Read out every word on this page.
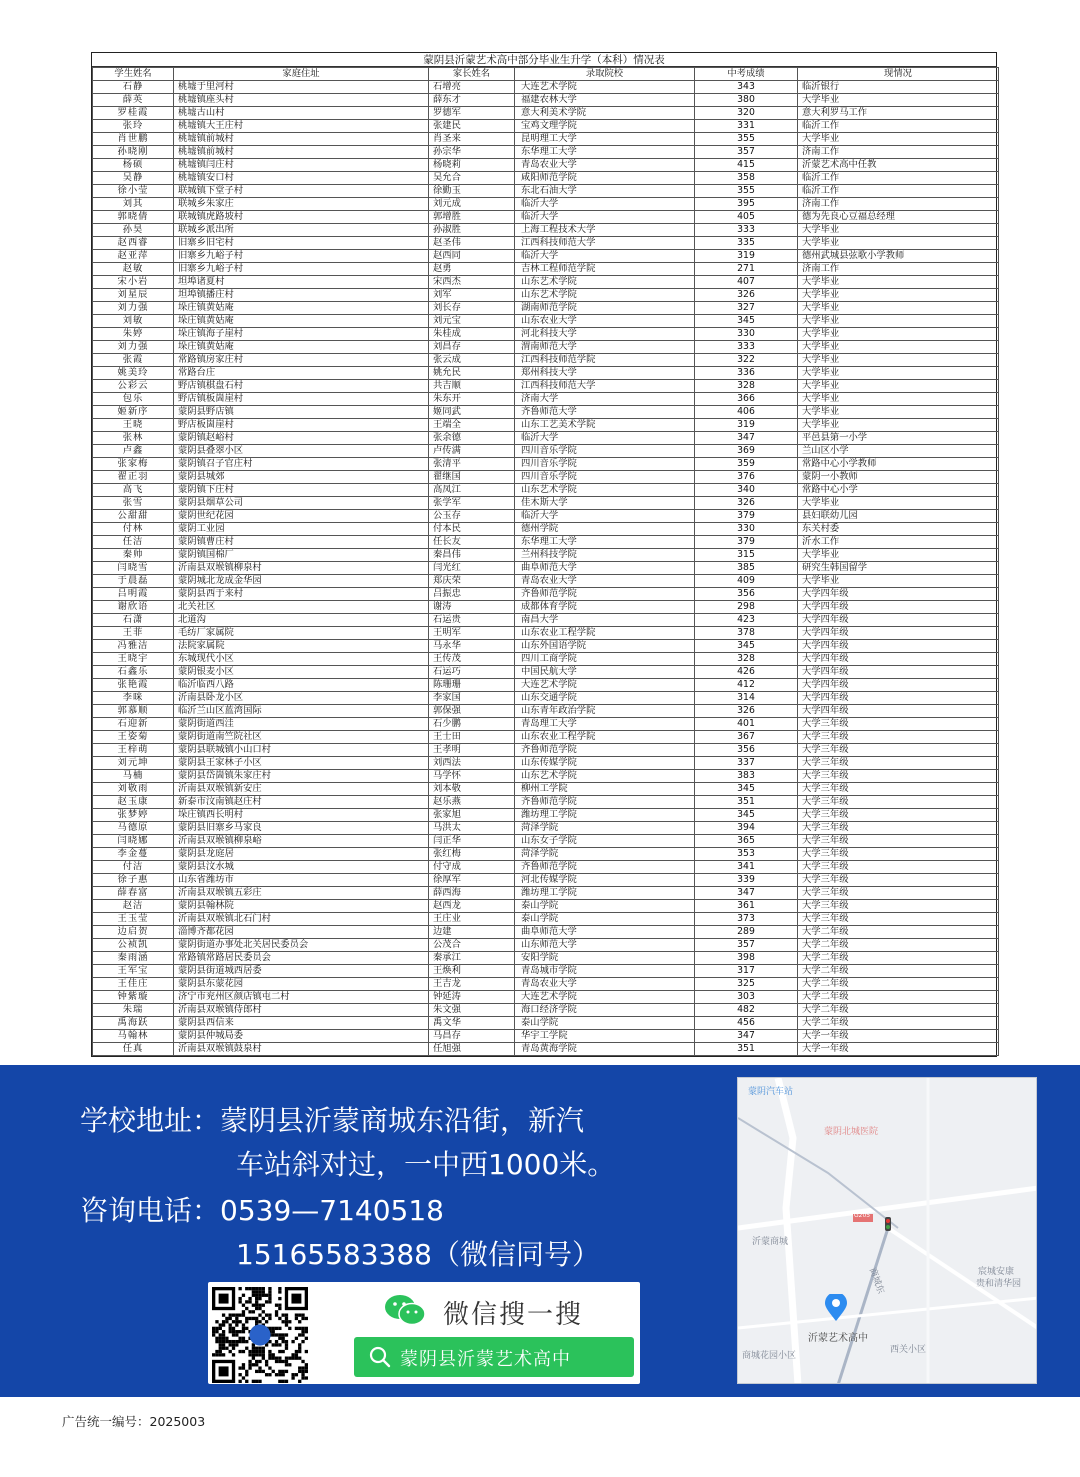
蒙阴县沂蒙艺术高中部分毕业生升学（本科）情况表
学生姓名	家庭住址	家长姓名	录取院校	中考成绩	现情况
石静	桃墟于里河村	石增亮	大连艺术学院	343	临沂银行
薛英	桃墟镇座头村	薛东才	福建农林大学	380	大学毕业
罗桂霞	桃墟古山村	罗德军	意大利美术学院	320	意大利罗马工作
张玲	桃墟镇大王庄村	张建民	宝鸡文理学院	331	临沂工作
肖世鹏	桃墟镇前城村	肖圣来	昆明理工大学	355	大学毕业
孙晓刚	桃墟镇前城村	孙宗华	东华理工大学	357	济南工作
杨硕	桃墟镇闫庄村	杨晓莉	青岛农业大学	415	沂蒙艺术高中任教
吴静	桃墟镇安口村	吴允合	咸阳师范学院	358	临沂工作
徐小莹	联城镇下堂子村	徐勤玉	东北石油大学	355	临沂工作
刘其	联城乡朱家庄	刘元成	临沂大学	395	济南工作
郭晓倩	联城镇虎路坡村	郭增胜	临沂大学	405	德为先良心豆福总经理
孙昊	联城乡派出所	孙淑胜	上海工程技术大学	333	大学毕业
赵西睿	旧寨乡旧宅村	赵圣伟	江西科技师范大学	335	大学毕业
赵亚萍	旧寨乡九峪子村	赵西同	临沂大学	319	德州武城县弦歌小学教师
赵敏	旧寨乡九峪子村	赵勇	吉林工程师范学院	271	济南工作
宋小岩	坦埠诸夏村	宋西杰	山东艺术学院	407	大学毕业
刘星辰	坦埠镇播庄村	刘军	山东艺术学院	326	大学毕业
刘力强	垛庄镇黄姑庵	刘长存	湖南师范学院	327	大学毕业
刘敏	垛庄镇黄姑庵	刘元宝	山东农业大学	345	大学毕业
朱婷	垛庄镇海子崖村	朱桂成	河北科技大学	330	大学毕业
刘力强	垛庄镇黄姑庵	刘昌存	渭南师范大学	333	大学毕业
张霞	常路镇房家庄村	张云成	江西科技师范学院	322	大学毕业
姚美玲	常路台庄	姚允民	郑州科技大学	336	大学毕业
公彩云	野店镇棋盘石村	共吉顺	江西科技师范大学	328	大学毕业
包乐	野店镇板崮崖村	朱东开	济南大学	366	大学毕业
姬新序	蒙阴县野店镇	姬同武	齐鲁师范大学	406	大学毕业
王晓	野店板崮崖村	王端全	山东工艺美术学院	319	大学毕业
张林	蒙阴镇赵峪村	张余德	临沂大学	347	平邑县第一小学
卢鑫	蒙阴县叠翠小区	卢传满	四川音乐学院	369	兰山区小学
张家梅	蒙阴镇召子官庄村	张清平	四川音乐学院	359	常路中心小学教师
翟正羽	蒙阴县城郊	翟继国	四川音乐学院	376	蒙阴一小教师
高飞	蒙阴镇下庄村	高凤江	山东艺术学院	340	常路中心小学
张雪	蒙阴县烟草公司	张学军	佳木斯大学	326	大学毕业
公甜甜	蒙阴世纪花园	公玉存	临沂大学	379	县妇联幼儿园
付林	蒙阴工业园	付本民	德州学院	330	东关村委
任洁	蒙阴镇曹庄村	任长友	东华理工大学	379	沂水工作
秦帅	蒙阴镇国棉厂	秦昌伟	兰州科技学院	315	大学毕业
闫晓雪	沂南县双堠镇柳泉村	闫光红	曲阜师范大学	385	研究生韩国留学
于晨磊	蒙阴城北龙成金华园	郑庆荣	青岛农业大学	409	大学毕业
吕明霞	蒙阴县西于来村	吕振忠	齐鲁师范学院	356	大学四年级
谢欣语	北关社区	谢涛	成都体育学院	298	大学四年级
石潇	北道沟	石运贵	南昌大学	423	大学四年级
王菲	毛纺厂家属院	王明军	山东农业工程学院	378	大学四年级
冯雅洁	法院家属院	马永华	山东外国语学院	345	大学四年级
王晓宇	东城现代小区	王传茂	四川工商学院	328	大学四年级
石鑫乐	蒙阴银麦小区	石运巧	中国民航大学	426	大学四年级
张艳霞	临沂临西八路	陈珊珊	大连艺术学院	412	大学四年级
李咪	沂南县卧龙小区	李家国	山东交通学院	314	大学四年级
郭慕顺	临沂兰山区蓝湾国际	郭保强	山东青年政治学院	326	大学四年级
石迎新	蒙阴街道西洼	石少鹏	青岛理工大学	401	大学三年级
王姿菊	蒙阴街道南竺院社区	王士田	山东农业工程学院	367	大学三年级
王梓萌	蒙阴县联城镇小山口村	王孝明	齐鲁师范学院	356	大学三年级
刘元坤	蒙阴县王家林子小区	刘西法	山东传媒学院	337	大学三年级
马楠	蒙阴县岱崮镇朱家庄村	马学怀	山东艺术学院	383	大学三年级
刘敬雨	沂南县双堠镇新安庄	刘本敬	柳州工学院	345	大学三年级
赵玉康	新泰市汶南镇赵庄村	赵乐燕	齐鲁师范学院	351	大学三年级
张梦婷	垛庄镇西长明村	张家旭	潍坊理工学院	345	大学三年级
马德原	蒙阴县旧寨乡马家良	马洪太	菏泽学院	394	大学三年级
闫晓娜	沂南县双堠镇柳泉峪	闫正华	山东女子学院	365	大学三年级
李金蔓	蒙阴县龙庭居	张红梅	菏泽学院	353	大学三年级
付洁	蒙阴县汶水城	付守成	齐鲁师范学院	341	大学三年级
徐子惠	山东省潍坊市	徐厚军	河北传媒学院	339	大学三年级
薛春富	沂南县双堠镇五彩庄	薛西海	潍坊理工学院	347	大学三年级
赵洁	蒙阴县翰林院	赵西龙	泰山学院	361	大学三年级
王玉莹	沂南县双堠镇北石门村	王庄业	泰山学院	373	大学三年级
边启贺	淄博齐都花园	边建	曲阜师范大学	289	大学二年级
公祯凯	蒙阴街道办事处北关居民委员会	公茂合	山东师范大学	357	大学二年级
秦雨涵	常路镇常路居民委员会	秦承江	安阳学院	398	大学二年级
王军宝	蒙阴县街道城西居委	王焕利	青岛城市学院	317	大学二年级
王佳庄	蒙阴县东蒙花园	王吉龙	青岛农业大学	325	大学二年级
钟紫璇	济宁市兖州区颜店镇屯二村	钟延涛	大连艺术学院	303	大学二年级
朱瑞	沂南县双堠镇侍郎村	朱文强	海口经济学院	482	大学二年级
禹海跃	蒙阴县西信来	禹文华	泰山学院	456	大学二年级
马翰林	蒙阴县仲城局委	马昌存	华宇工学院	347	大学一年级
任真	沂南县双堠镇鼓泉村	任旭强	青岛黄海学院	351	大学一年级
学校地址：蒙阴县沂蒙商城东沿街，新汽
车站斜对过，一中西1000米。
咨询电话：0539—7140518
15165583388（微信同号）
微信搜一搜
蒙阴县沂蒙艺术高中
蒙阴汽车站
蒙阴北城医院
沂蒙商城
G205
商城东	宸城安康
贵和清华园
沂蒙艺术高中
商城花园小区
西关小区
广告统一编号：2025003
